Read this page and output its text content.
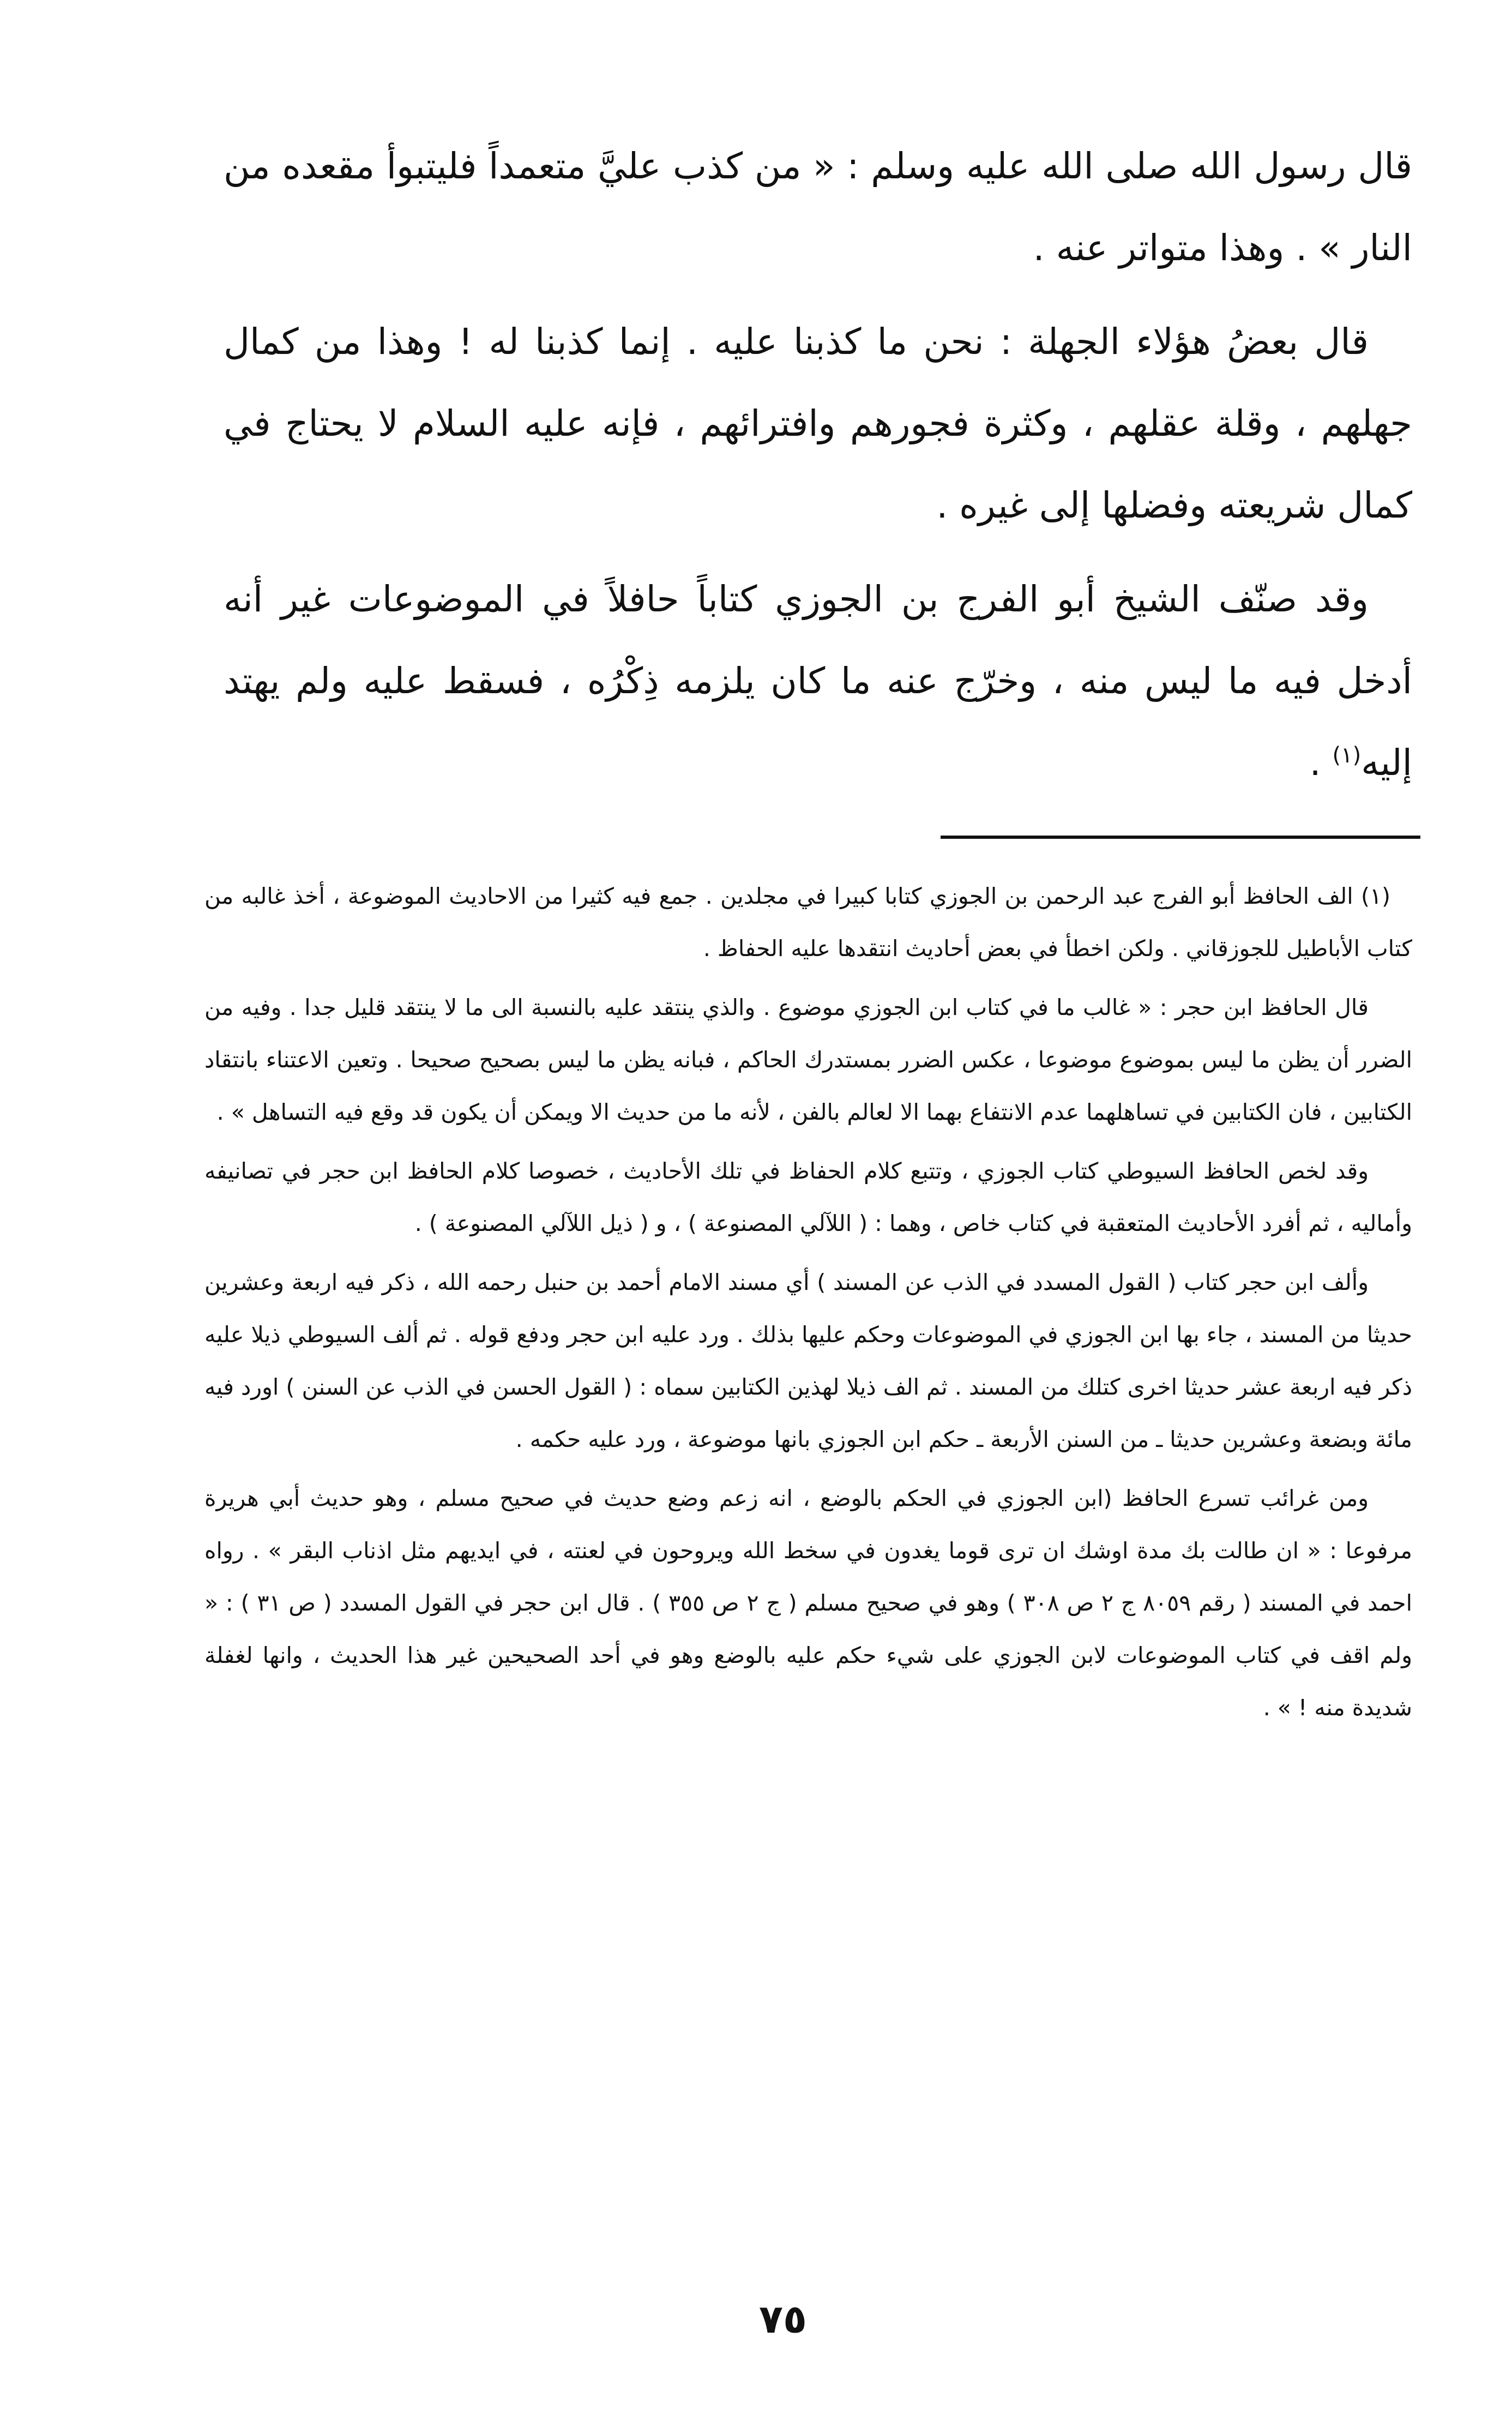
قال رسول الله صلى الله عليه وسلم : « من كذب عليَّ متعمداً فليتبوأ مقعده من النار » . وهذا متواتر عنه .

قال بعضُ هؤلاء الجهلة : نحن ما كذبنا عليه . إنما كذبنا له ! وهذا من كمال جهلهم ، وقلة عقلهم ، وكثرة فجورهم وافترائهم ، فإنه عليه السلام لا يحتاج في كمال شريعته وفضلها إلى غيره .

وقد صنّف الشيخ أبو الفرج بن الجوزي كتاباً حافلاً في الموضوعات غير أنه أدخل فيه ما ليس منه ، وخرّج عنه ما كان يلزمه ذِكْرُه ، فسقط عليه ولم يهتد إليه$^{(١)}$ .

(١) الف الحافظ أبو الفرج عبد الرحمن بن الجوزي كتابا كبيرا في مجلدين . جمع فيه كثيرا من الاحاديث الموضوعة ، أخذ غالبه من كتاب الأباطيل للجوزقاني . ولكن اخطأ في بعض أحاديث انتقدها عليه الحفاظ .

قال الحافظ ابن حجر : « غالب ما في كتاب ابن الجوزي موضوع . والذي ينتقد عليه بالنسبة الى ما لا ينتقد قليل جدا . وفيه من الضرر أن يظن ما ليس بموضوع موضوعا ، عكس الضرر بمستدرك الحاكم ، فبانه يظن ما ليس بصحيح صحيحا . وتعين الاعتناء بانتقاد الكتابين ، فان الكتابين في تساهلهما عدم الانتفاع بهما الا لعالم بالفن ، لأنه ما من حديث الا ويمكن أن يكون قد وقع فيه التساهل » .

وقد لخص الحافظ السيوطي كتاب الجوزي ، وتتبع كلام الحفاظ في تلك الأحاديث ، خصوصا كلام الحافظ ابن حجر في تصانيفه وأماليه ، ثم أفرد الأحاديث المتعقبة في كتاب خاص ، وهما : ( اللآلي المصنوعة ) ، و ( ذيل اللآلي المصنوعة ) .

وألف ابن حجر كتاب ( القول المسدد في الذب عن المسند ) أي مسند الامام أحمد بن حنبل رحمه الله ، ذكر فيه اربعة وعشرين حديثا من المسند ، جاء بها ابن الجوزي في الموضوعات وحكم عليها بذلك . ورد عليه ابن حجر ودفع قوله . ثم ألف السيوطي ذيلا عليه ذكر فيه اربعة عشر حديثا اخرى كتلك من المسند . ثم الف ذيلا لهذين الكتابين سماه : ( القول الحسن في الذب عن السنن ) اورد فيه مائة وبضعة وعشرين حديثا ـ من السنن الأربعة ـ حكم ابن الجوزي بانها موضوعة ، ورد عليه حكمه .

ومن غرائب تسرع الحافظ (ابن الجوزي في الحكم بالوضع ، انه زعم وضع حديث في صحيح مسلم ، وهو حديث أبي هريرة مرفوعا : « ان طالت بك مدة اوشك ان ترى قوما يغدون في سخط الله ويروحون في لعنته ، في ايديهم مثل اذناب البقر » . رواه احمد في المسند ( رقم ٨٠٥٩ ج ٢ ص ٣٠٨ ) وهو في صحيح مسلم ( ج ٢ ص ٣٥٥ ) . قال ابن حجر في القول المسدد ( ص ٣١ ) : « ولم اقف في كتاب الموضوعات لابن الجوزي على شيء حكم عليه بالوضع وهو في أحد الصحيحين غير هذا الحديث ، وانها لغفلة شديدة منه ! » .

٧٥
